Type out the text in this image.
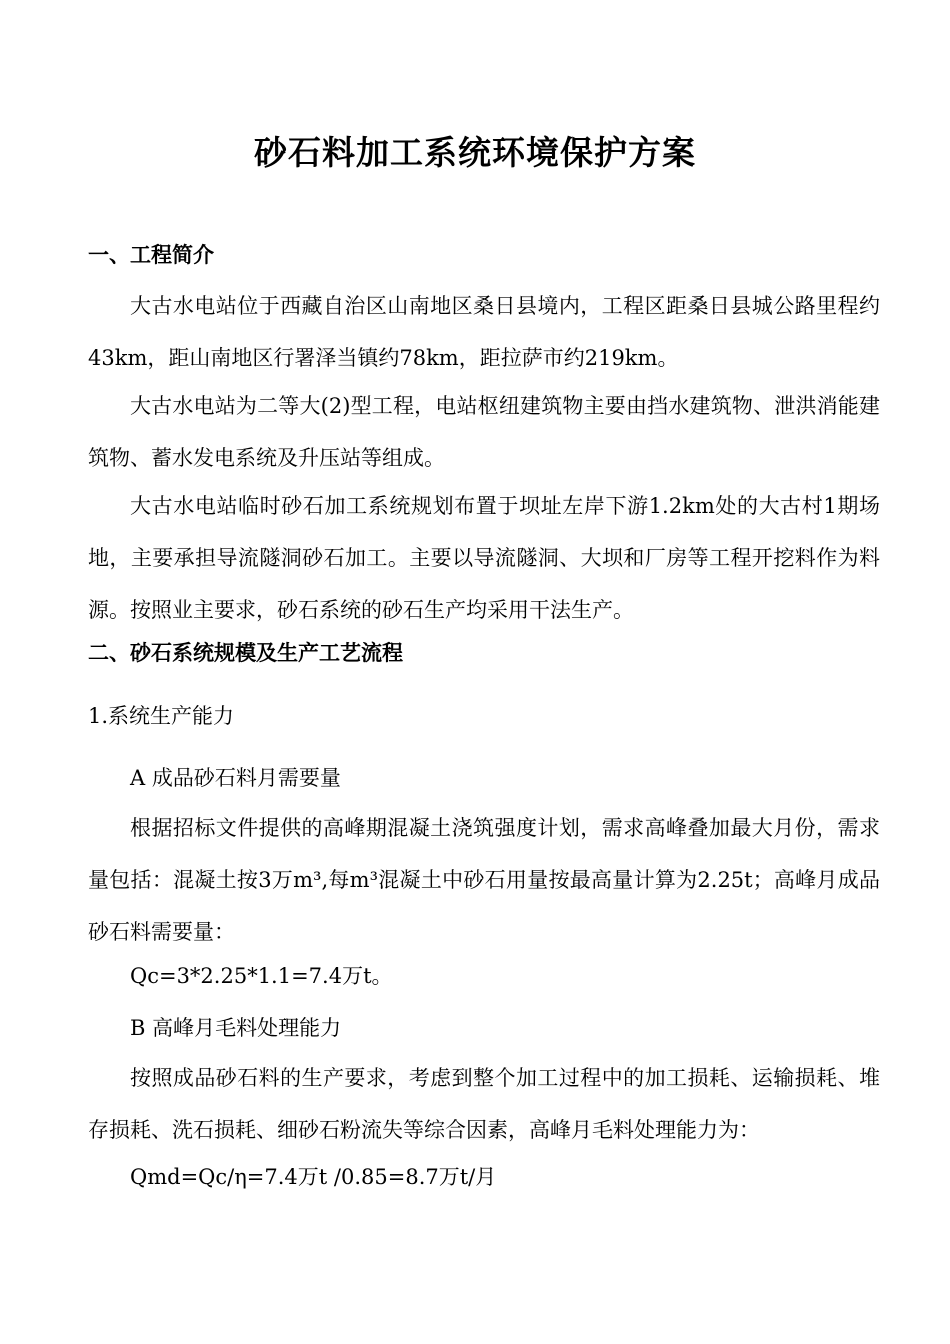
砂石料加工系统环境保护方案
一、工程简介
大古水电站位于西藏自治区山南地区桑日县境内，工程区距桑日县城公路里程约43km，距山南地区行署泽当镇约78km，距拉萨市约219km。
大古水电站为二等大(2)型工程，电站枢纽建筑物主要由挡水建筑物、泄洪消能建筑物、蓄水发电系统及升压站等组成。
大古水电站临时砂石加工系统规划布置于坝址左岸下游1.2km处的大古村1期场地，主要承担导流隧洞砂石加工。主要以导流隧洞、大坝和厂房等工程开挖料作为料源。按照业主要求，砂石系统的砂石生产均采用干法生产。
二、砂石系统规模及生产工艺流程
1.系统生产能力
A 成品砂石料月需要量
根据招标文件提供的高峰期混凝土浇筑强度计划，需求高峰叠加最大月份，需求量包括：混凝土按3万m³,每m³混凝土中砂石用量按最高量计算为2.25t；高峰月成品砂石料需要量：
Qc=3*2.25*1.1=7.4万t。
B 高峰月毛料处理能力
按照成品砂石料的生产要求，考虑到整个加工过程中的加工损耗、运输损耗、堆存损耗、洗石损耗、细砂石粉流失等综合因素，高峰月毛料处理能力为：
Qmd=Qc/η=7.4万t /0.85=8.7万t/月
